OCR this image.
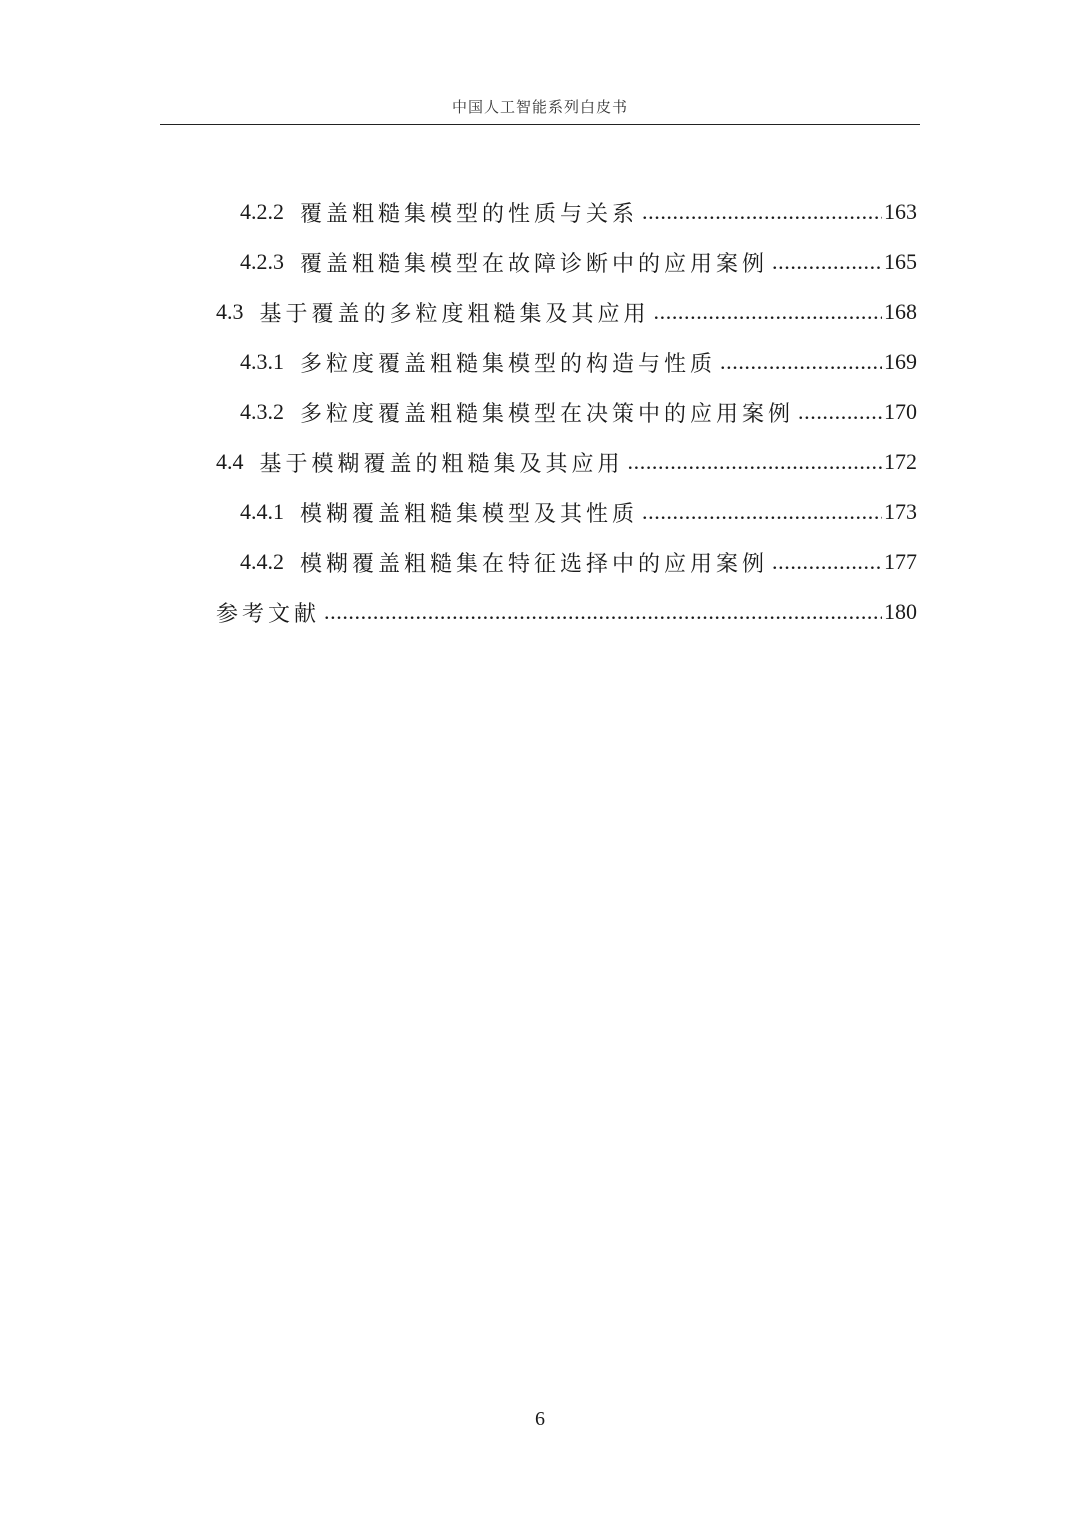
中国人工智能系列白皮书
4.2.2 覆盖粗糙集模型的性质与关系 .....	163
4.2.3 覆盖粗糙集模型在故障诊断中的应用案例 .....	165
4.3 基于覆盖的多粒度粗糙集及其应用 .....	168
4.3.1 多粒度覆盖粗糙集模型的构造与性质 .....	169
4.3.2 多粒度覆盖粗糙集模型在决策中的应用案例 .....	170
4.4 基于模糊覆盖的粗糙集及其应用 .....	172
4.4.1 模糊覆盖粗糙集模型及其性质 .....	173
4.4.2 模糊覆盖粗糙集在特征选择中的应用案例 .....	177
参考文献 .....	180
6
